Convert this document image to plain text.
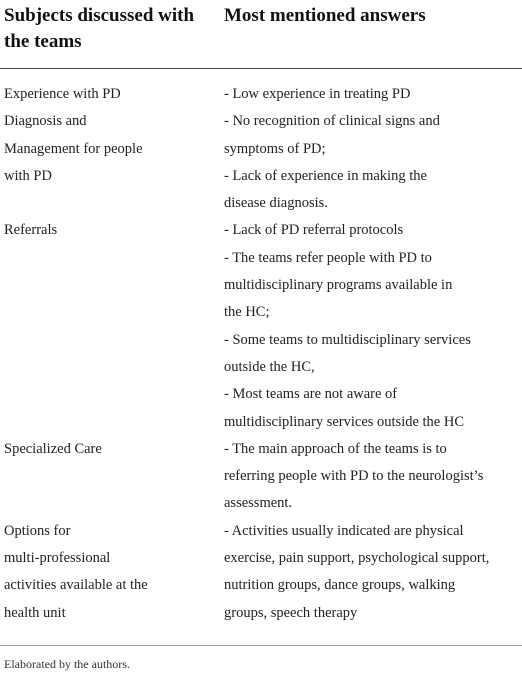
Subjects discussed with the teams
Most mentioned answers
Experience with PD
Diagnosis and
Management for people
with PD
- Low experience in treating PD
- No recognition of clinical signs and
symptoms of PD;
- Lack of experience in making the
disease diagnosis.
Referrals	- Lack of PD referral protocols
- The teams refer people with PD to
multidisciplinary programs available in
the HC;
- Some teams to multidisciplinary services
outside the HC,
- Most teams are not aware of
multidisciplinary services outside the HC
Specialized Care	- The main approach of the teams is to
referring people with PD to the neurologist’s
assessment.
Options for
multi-professional
activities available at the
health unit
- Activities usually indicated are physical
exercise, pain support, psychological support,
nutrition groups, dance groups, walking
groups, speech therapy
Elaborated by the authors.
